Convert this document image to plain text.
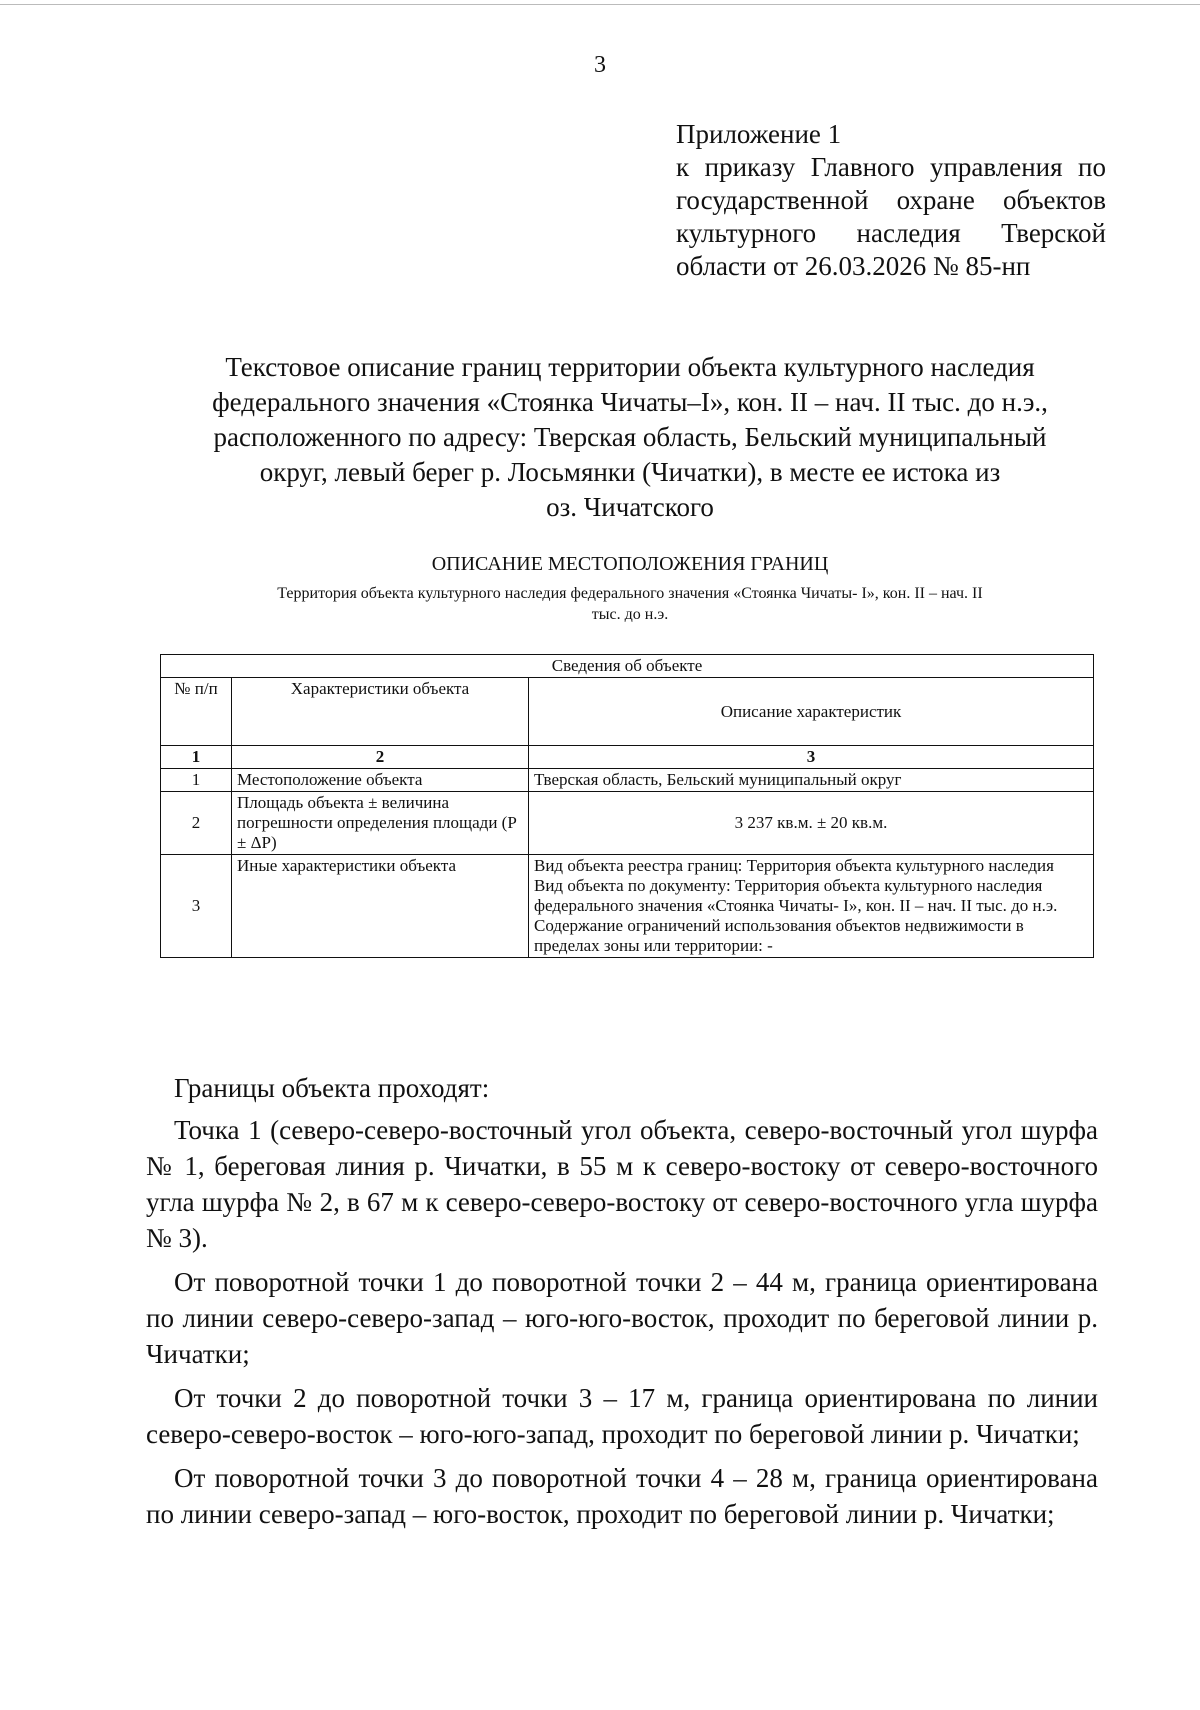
3
Приложение 1
к приказу Главного управления по
государственной охране объектов
культурного наследия Тверской
области от 26.03.2026 № 85-нп
Текстовое описание границ территории объекта культурного наследия
федерального значения «Стоянка Чичаты–I», кон. II – нач. II тыс. до н.э.,
расположенного по адресу: Тверская область, Бельский муниципальный
округ, левый берег р. Лосьмянки (Чичатки), в месте ее истока из
оз. Чичатского
ОПИСАНИЕ МЕСТОПОЛОЖЕНИЯ ГРАНИЦ
Территория объекта культурного наследия федерального значения «Стоянка Чичаты- I», кон. II – нач. II
тыс. до н.э.
Сведения об объекте		
№ п/п	Характеристики объекта	Описание характеристик
1	2	3
1	Местоположение объекта	Тверская область, Бельский муниципальный округ
2	Площадь объекта ± величина погрешности определения площади (Р ± ΔР)	3 237 кв.м. ± 20 кв.м.
3	Иные характеристики объекта	Вид объекта реестра границ: Территория объекта культурного наследия
Вид объекта по документу: Территория объекта культурного наследия федерального значения «Стоянка Чичаты- I», кон. II – нач. II тыс. до н.э.
Содержание ограничений использования объектов недвижимости в пределах зоны или территории: -

Границы объекта проходят:

Точка 1 (северо-северо-восточный угол объекта, северо-восточный угол шурфа № 1, береговая линия р. Чичатки, в 55 м к северо-востоку от северо-восточного угла шурфа № 2, в 67 м к северо-северо-востоку от северо-восточного угла шурфа № 3).

От поворотной точки 1 до поворотной точки 2 – 44 м, граница ориентирована по линии северо-северо-запад – юго-юго-восток, проходит по береговой линии р. Чичатки;

От точки 2 до поворотной точки 3 – 17 м, граница ориентирована по линии северо-северо-восток – юго-юго-запад, проходит по береговой линии р. Чичатки;

От поворотной точки 3 до поворотной точки 4 – 28 м, граница ориентирована по линии северо-запад – юго-восток, проходит по береговой линии р. Чичатки;
